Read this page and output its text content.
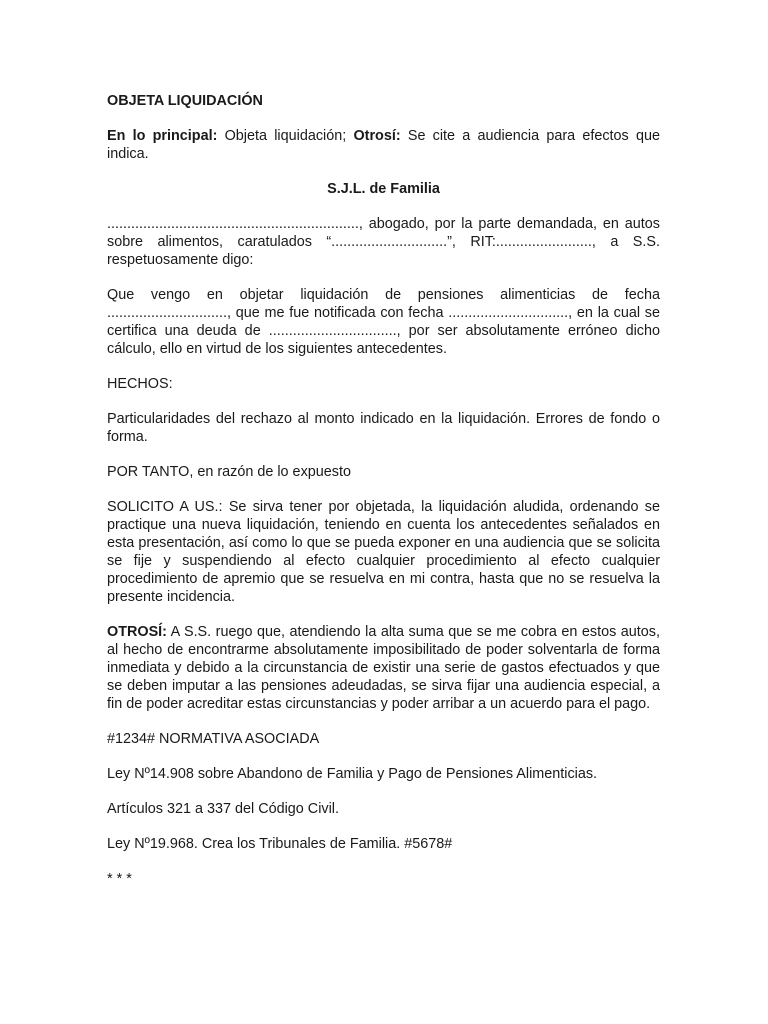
OBJETA LIQUIDACIÓN
En lo principal: Objeta liquidación; Otrosí: Se cite a audiencia para efectos que indica.
S.J.L. de Familia
..............................................................., abogado, por la parte demandada, en autos sobre alimentos, caratulados “.............................”, RIT:........................, a S.S. respetuosamente digo:
Que vengo en objetar liquidación de pensiones alimenticias de fecha .............................., que me fue notificada con fecha .............................., en la cual se certifica una deuda de ................................, por ser absolutamente erróneo dicho cálculo, ello en virtud de los siguientes antecedentes.
HECHOS:
Particularidades del rechazo al monto indicado en la liquidación. Errores de fondo o forma.
POR TANTO, en razón de lo expuesto
SOLICITO A US.: Se sirva tener por objetada, la liquidación aludida, ordenando se practique una nueva liquidación, teniendo en cuenta los antecedentes señalados en esta presentación, así como lo que se pueda exponer en una audiencia que se solicita se fije y suspendiendo al efecto cualquier procedimiento al efecto cualquier procedimiento de apremio que se resuelva en mi contra, hasta que no se resuelva la presente incidencia.
OTROSÍ: A S.S. ruego que, atendiendo la alta suma que se me cobra en estos autos, al hecho de encontrarme absolutamente imposibilitado de poder solventarla de forma inmediata y debido a la circunstancia de existir una serie de gastos efectuados y que se deben imputar a las pensiones adeudadas, se sirva fijar una audiencia especial, a fin de poder acreditar estas circunstancias y poder arribar a un acuerdo para el pago.
#1234# NORMATIVA ASOCIADA
Ley Nº14.908 sobre Abandono de Familia y Pago de Pensiones Alimenticias.
Artículos 321 a 337 del Código Civil.
Ley Nº19.968. Crea los Tribunales de Familia. #5678#
* * *
